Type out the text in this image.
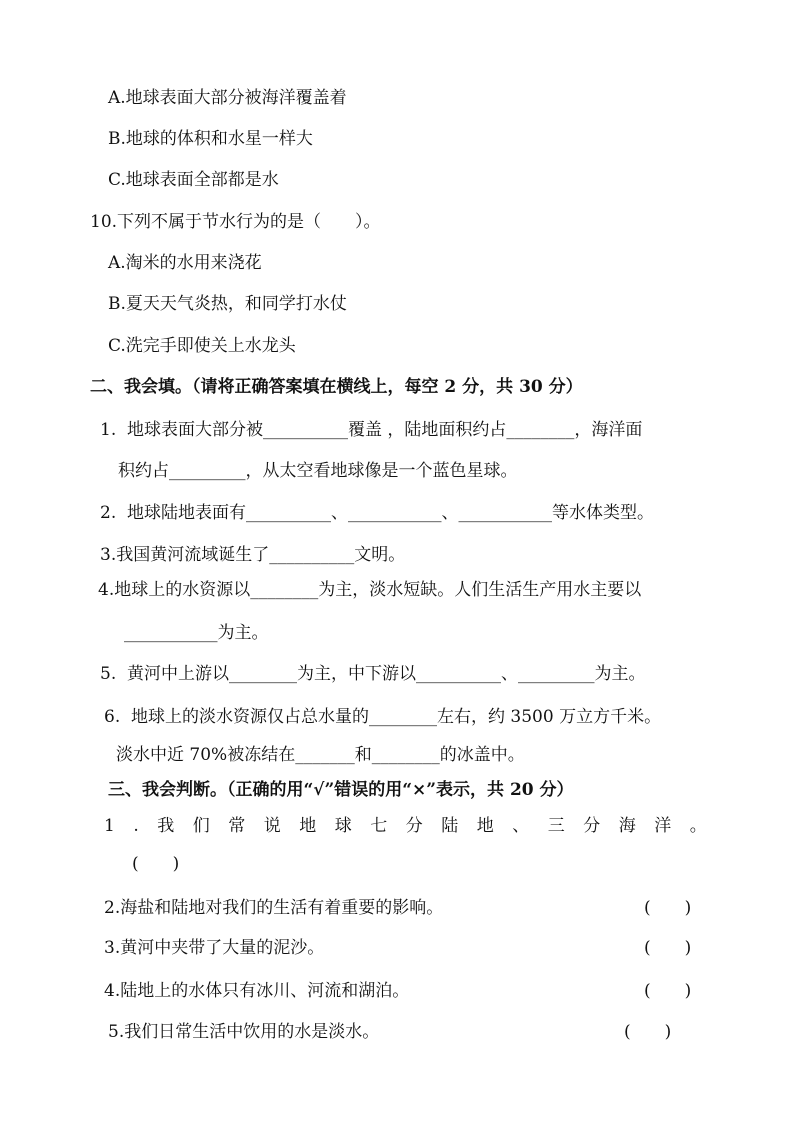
A.地球表面大部分被海洋覆盖着
B.地球的体积和水星一样大
C.地球表面全部都是水
10.下列不属于节水行为的是（　　）。
A.淘米的水用来浇花
B.夏天天气炎热，和同学打水仗
C.洗完手即使关上水龙头
二、我会填。（请将正确答案填在横线上，每空 2 分，共 30 分）
1.  地球表面大部分被__________覆盖 ，陆地面积约占________，海洋面
积约占_________，从太空看地球像是一个蓝色星球。
2.  地球陆地表面有__________、___________、___________等水体类型。
3.我国黄河流域诞生了__________文明。
4.地球上的水资源以________为主，淡水短缺。人们生活生产用水主要以
___________为主。
5.  黄河中上游以________为主，中下游以__________、_________为主。
6.  地球上的淡水资源仅占总水量的________左右，约 3500 万立方千米。
淡水中近 70%被冻结在_______和________的冰盖中。
三、我会判断。（正确的用“√”错误的用“×”表示，共 20 分）
1.我们常说地球七分陆地、三分海洋。
(　　)
2.海盐和陆地对我们的生活有着重要的影响。	(　　)
3.黄河中夹带了大量的泥沙。	(　　)
4.陆地上的水体只有冰川、河流和湖泊。	(　　)
5.我们日常生活中饮用的水是淡水。	(　　)
